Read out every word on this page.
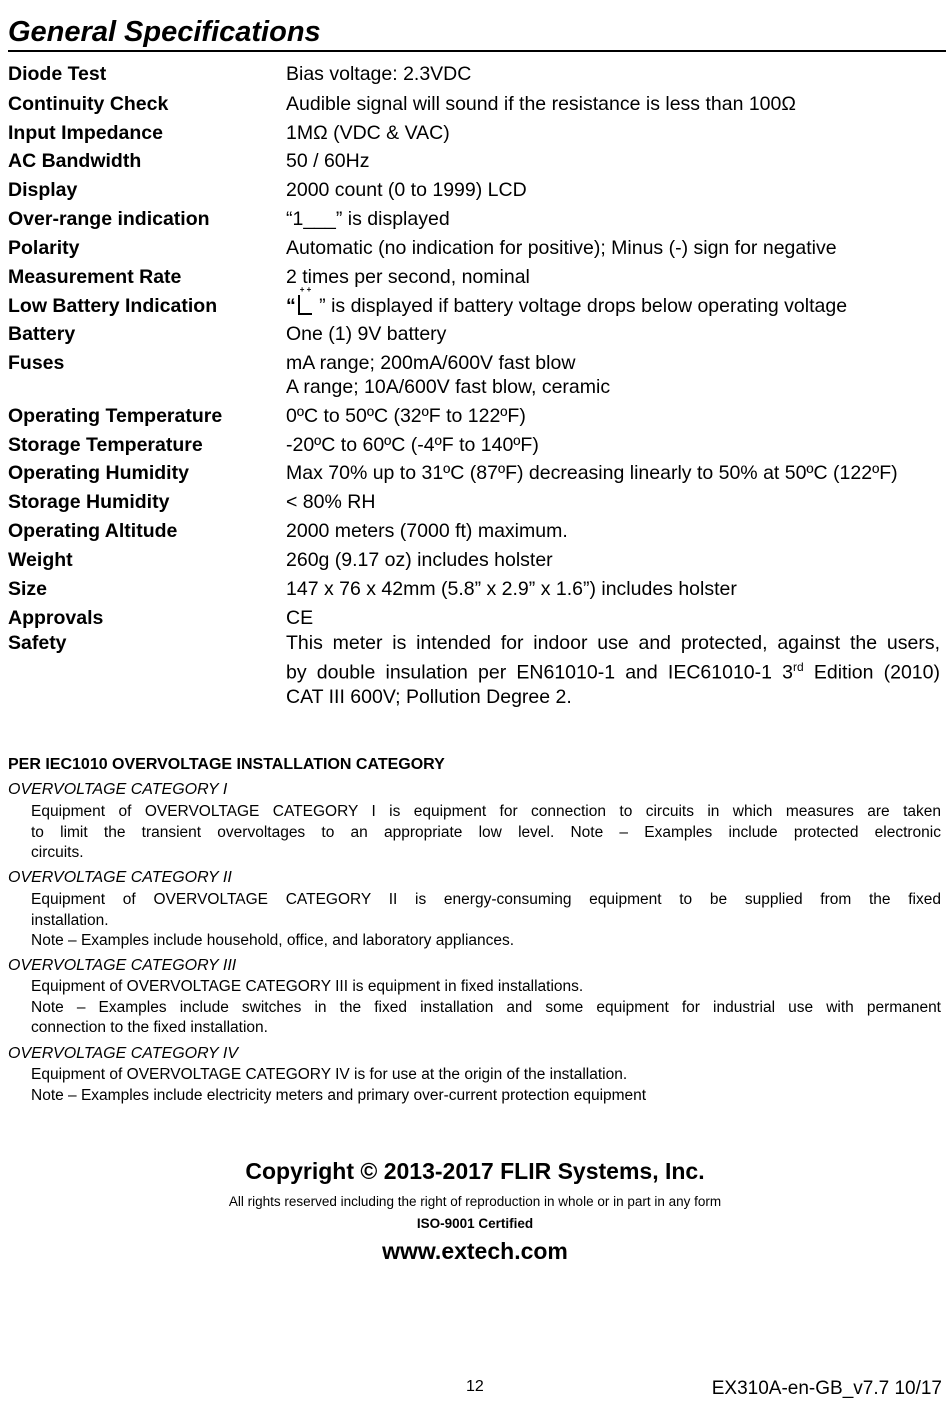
General Specifications
Diode Test	Bias voltage: 2.3VDC
Continuity Check	Audible signal will sound if the resistance is less than 100Ω
Input Impedance	1MΩ (VDC & VAC)
AC Bandwidth	50 / 60Hz
Display	2000 count (0 to 1999) LCD
Over-range indication	“1___” is displayed
Polarity	Automatic (no indication for positive); Minus (-) sign for negative
Measurement Rate	2 times per second, nominal
Low Battery Indication	“+ + ” is displayed if battery voltage drops below operating voltage
Battery	One (1) 9V battery
Fuses	mA range; 200mA/600V fast blow
A range; 10A/600V fast blow, ceramic
Operating Temperature	0ºC to 50ºC (32ºF to 122ºF)
Storage Temperature	-20ºC to 60ºC (-4ºF to 140ºF)
Operating Humidity	Max 70% up to 31ºC (87ºF) decreasing linearly to 50% at 50ºC (122ºF)
Storage Humidity	< 80% RH
Operating Altitude	2000 meters (7000 ft) maximum.
Weight	260g (9.17 oz) includes holster
Size	147 x 76 x 42mm (5.8” x 2.9” x 1.6”) includes holster
Approvals	CE
Safety	This meter is intended for indoor use and protected, against the users,
by double insulation per EN61010-1 and IEC61010-1 3rd Edition (2010)
CAT III 600V; Pollution Degree 2.
PER IEC1010 OVERVOLTAGE INSTALLATION CATEGORY
OVERVOLTAGE CATEGORY I
Equipment of OVERVOLTAGE CATEGORY I is equipment for connection to circuits in which measures are taken
to limit the transient overvoltages to an appropriate low level. Note – Examples include protected electronic
circuits.
OVERVOLTAGE CATEGORY II
Equipment of OVERVOLTAGE CATEGORY II is energy-consuming equipment to be supplied from the fixed
installation.
Note – Examples include household, office, and laboratory appliances.
OVERVOLTAGE CATEGORY III
Equipment of OVERVOLTAGE CATEGORY III is equipment in fixed installations.
Note – Examples include switches in the fixed installation and some equipment for industrial use with permanent
connection to the fixed installation.
OVERVOLTAGE CATEGORY IV
Equipment of OVERVOLTAGE CATEGORY IV is for use at the origin of the installation.
Note – Examples include electricity meters and primary over-current protection equipment
Copyright © 2013-2017 FLIR Systems, Inc.
All rights reserved including the right of reproduction in whole or in part in any form
ISO-9001 Certified
www.extech.com
12	EX310A-en-GB_v7.7 10/17
